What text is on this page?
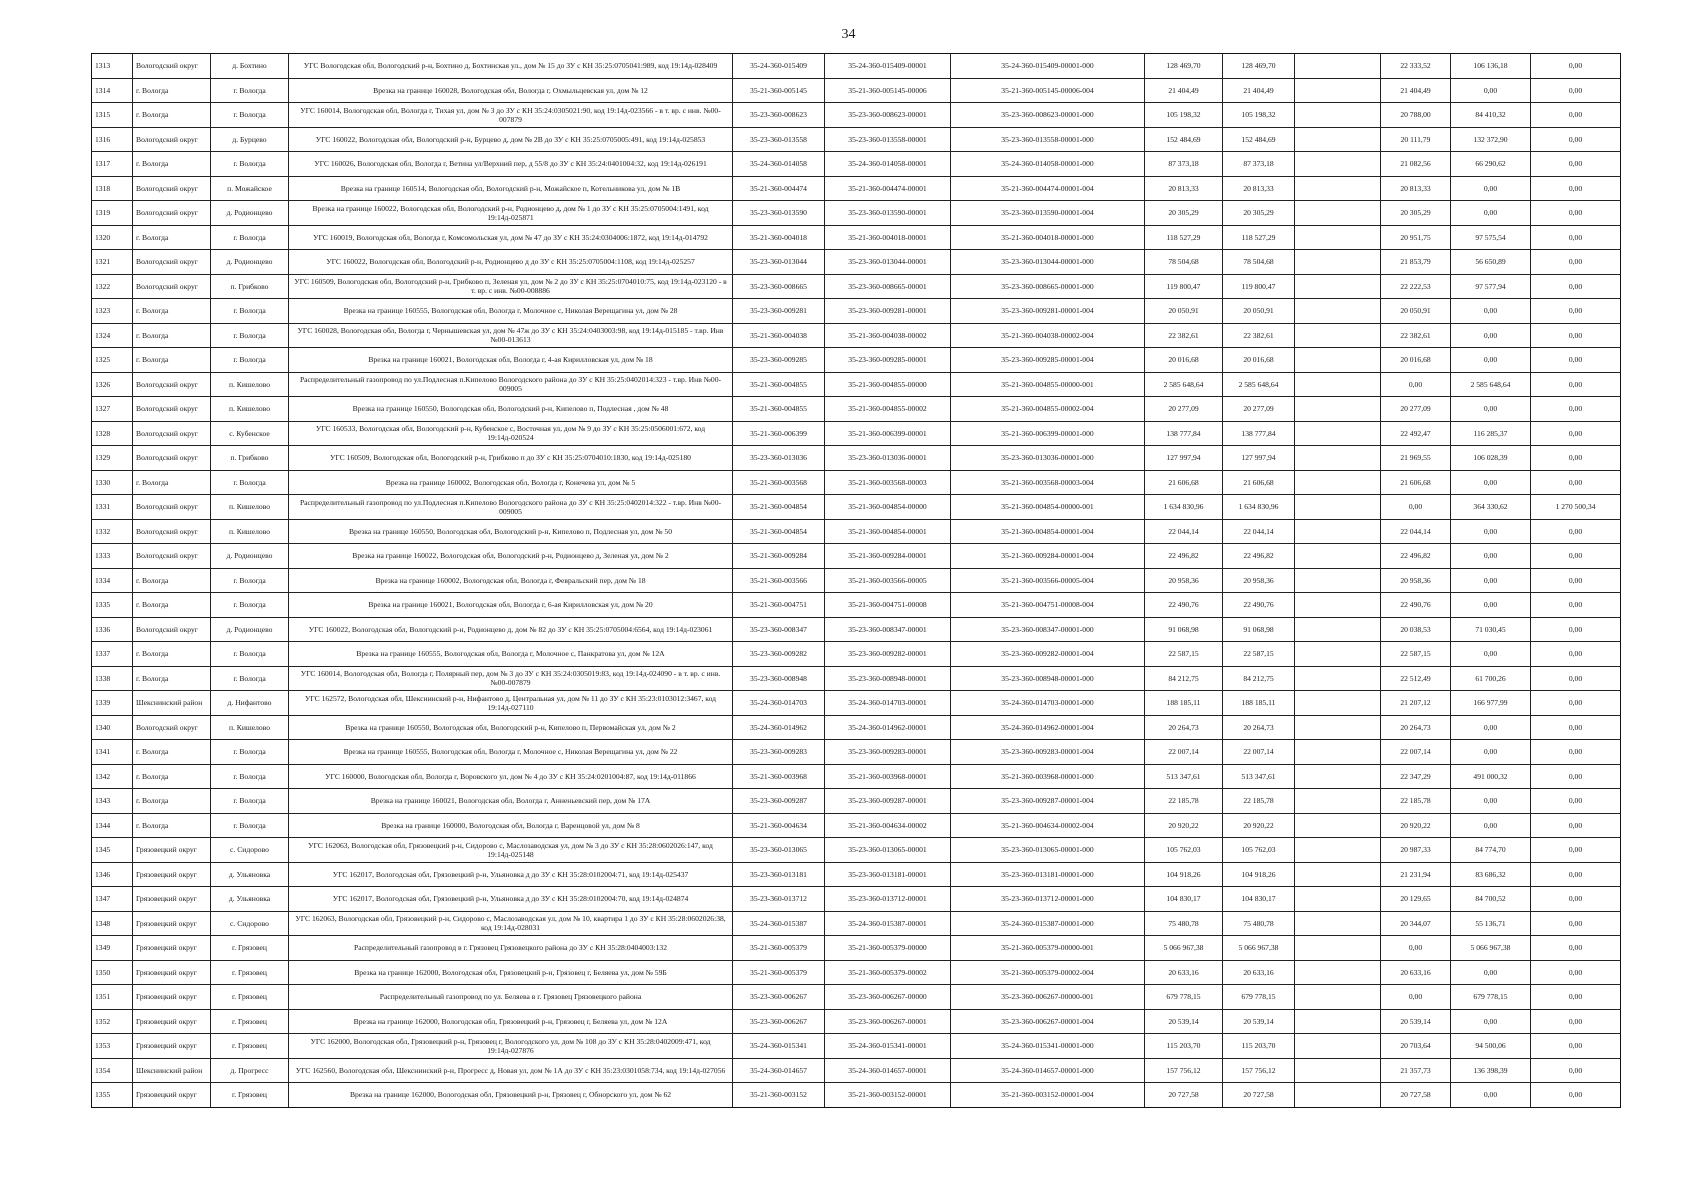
34
1313	Вологодский округ	д. Бохтино	УГС Вологодская обл, Вологодский р-н, Бохтино д, Бохтинская ул., дом № 15 до ЗУ с КН 35:25:0705041:989, код 19:14д-028409	35-24-360-015409	35-24-360-015409-00001	35-24-360-015409-00001-000	128 469,70	128 469,70		22 333,52	106 136,18	0,00
1314	г. Вологда	г. Вологда	Врезка на границе 160028, Вологодская обл, Вологда г, Охмыльцевская ул, дом № 12	35-21-360-005145	35-21-360-005145-00006	35-21-360-005145-00006-004	21 404,49	21 404,49		21 404,49	0,00	0,00
1315	г. Вологда	г. Вологда	УГС 160014, Вологодская обл, Вологда г, Тихая ул, дом № 3 до ЗУ с КН 35:24:0305021:90, код 19:14д-023566 - в т. вр. с инв. №00-007879	35-23-360-008623	35-23-360-008623-00001	35-23-360-008623-00001-000	105 198,32	105 198,32		20 788,00	84 410,32	0,00
1316	Вологодский округ	д. Бурцево	УГС 160022, Вологодская обл, Вологодский р-н, Бурцево д, дом № 2В до ЗУ с КН 35:25:0705005:491, код 19:14д-025853	35-23-360-013558	35-23-360-013558-00001	35-23-360-013558-00001-000	152 484,69	152 484,69		20 111,79	132 372,90	0,00
1317	г. Вологда	г. Вологда	УГС 160026, Вологодская обл, Вологда г, Ветина ул/Верхний пер, д 55/8 до ЗУ с КН 35:24:0401004:32, код 19:14д-026191	35-24-360-014058	35-24-360-014058-00001	35-24-360-014058-00001-000	87 373,18	87 373,18		21 082,56	66 290,62	0,00
1318	Вологодский округ	п. Можайское	Врезка на границе 160514, Вологодская обл, Вологодский р-н, Можайское п, Котельникова ул, дом № 1В	35-21-360-004474	35-21-360-004474-00001	35-21-360-004474-00001-004	20 813,33	20 813,33		20 813,33	0,00	0,00
1319	Вологодский округ	д. Родионцево	Врезка на границе 160022, Вологодская обл, Вологодский р-н, Родионцево д, дом № 1 до ЗУ с КН 35:25:0705004:1491, код 19:14д-025871	35-23-360-013590	35-23-360-013590-00001	35-23-360-013590-00001-004	20 305,29	20 305,29		20 305,29	0,00	0,00
1320	г. Вологда	г. Вологда	УГС 160019, Вологодская обл, Вологда г, Комсомольская ул, дом № 47 до ЗУ с КН 35:24:0304006:1872, код 19:14д-014792	35-21-360-004018	35-21-360-004018-00001	35-21-360-004018-00001-000	118 527,29	118 527,29		20 951,75	97 575,54	0,00
1321	Вологодский округ	д. Родионцево	УГС 160022, Вологодская обл, Вологодский р-н, Родионцево д до ЗУ с КН 35:25:0705004:1108, код 19:14д-025257	35-23-360-013044	35-23-360-013044-00001	35-23-360-013044-00001-000	78 504,68	78 504,68		21 853,79	56 650,89	0,00
1322	Вологодский округ	п. Грибково	УГС 160509, Вологодская обл, Вологодский р-н, Грибково п, Зеленая ул, дом № 2 до ЗУ с КН 35:25:0704010:75, код 19:14д-023120 - в т. вр. с инв. №00-008886	35-23-360-008665	35-23-360-008665-00001	35-23-360-008665-00001-000	119 800,47	119 800,47		22 222,53	97 577,94	0,00
1323	г. Вологда	г. Вологда	Врезка на границе 160555, Вологодская обл, Вологда г, Молочное с, Николая Верещагина ул, дом № 28	35-23-360-009281	35-23-360-009281-00001	35-23-360-009281-00001-004	20 050,91	20 050,91		20 050,91	0,00	0,00
1324	г. Вологда	г. Вологда	УГС 160028, Вологодская обл, Вологда г, Чернышевская ул, дом № 47ж до ЗУ с КН 35:24:0403003:98, код 19:14д-015185 - т.вр. Инв №00-013613	35-21-360-004038	35-21-360-004038-00002	35-21-360-004038-00002-004	22 382,61	22 382,61		22 382,61	0,00	0,00
1325	г. Вологда	г. Вологда	Врезка на границе 160021, Вологодская обл, Вологда г, 4-ая Кирилловская ул, дом № 18	35-23-360-009285	35-23-360-009285-00001	35-23-360-009285-00001-004	20 016,68	20 016,68		20 016,68	0,00	0,00
1326	Вологодский округ	п. Кишелово	Распределительный газопровод по ул.Подлесная п.Кипелово Вологодского района до ЗУ с КН 35:25:0402014:323 - т.вр. Инв №00-009005	35-21-360-004855	35-21-360-004855-00000	35-21-360-004855-00000-001	2 585 648,64	2 585 648,64		0,00	2 585 648,64	0,00
1327	Вологодский округ	п. Кишелово	Врезка на границе 160550, Вологодская обл, Вологодский р-н, Кипелово п, Подлесная , дом № 48	35-21-360-004855	35-21-360-004855-00002	35-21-360-004855-00002-004	20 277,09	20 277,09		20 277,09	0,00	0,00
1328	Вологодский округ	с. Кубенское	УГС 160533, Вологодская обл, Вологодский р-н, Кубенское с, Восточная ул, дом № 9 до ЗУ с КН 35:25:0506001:672, код 19:14д-020524	35-21-360-006399	35-21-360-006399-00001	35-21-360-006399-00001-000	138 777,84	138 777,84		22 492,47	116 285,37	0,00
1329	Вологодский округ	п. Грибково	УГС 160509, Вологодская обл, Вологодский р-н, Грибково п до ЗУ с КН 35:25:0704010:1830, код 19:14д-025180	35-23-360-013036	35-23-360-013036-00001	35-23-360-013036-00001-000	127 997,94	127 997,94		21 969,55	106 028,39	0,00
1330	г. Вологда	г. Вологда	Врезка на границе 160002, Вологодская обл, Вологда г, Конечева ул, дом № 5	35-21-360-003568	35-21-360-003568-00003	35-21-360-003568-00003-004	21 606,68	21 606,68		21 606,68	0,00	0,00
1331	Вологодский округ	п. Кишелово	Распределительный газопровод по ул.Подлесная п.Кипелово Вологодского района до ЗУ с КН 35:25:0402014:322 - т.вр. Инв №00-009005	35-21-360-004854	35-21-360-004854-00000	35-21-360-004854-00000-001	1 634 830,96	1 634 830,96		0,00	364 330,62	1 270 500,34
1332	Вологодский округ	п. Кишелово	Врезка на границе 160550, Вологодская обл, Вологодский р-н, Кипелово п, Подлесная ул, дом № 50	35-21-360-004854	35-21-360-004854-00001	35-21-360-004854-00001-004	22 044,14	22 044,14		22 044,14	0,00	0,00
1333	Вологодский округ	д. Родионцево	Врезка на границе 160022, Вологодская обл, Вологодский р-н, Родионцево д, Зеленая ул, дом № 2	35-21-360-009284	35-21-360-009284-00001	35-21-360-009284-00001-004	22 496,82	22 496,82		22 496,82	0,00	0,00
1334	г. Вологда	г. Вологда	Врезка на границе 160002, Вологодская обл, Вологда г, Февральский пер, дом № 18	35-21-360-003566	35-21-360-003566-00005	35-21-360-003566-00005-004	20 958,36	20 958,36		20 958,36	0,00	0,00
1335	г. Вологда	г. Вологда	Врезка на границе 160021, Вологодская обл, Вологда г, 6-ая Кирилловская ул, дом № 20	35-21-360-004751	35-21-360-004751-00008	35-21-360-004751-00008-004	22 490,76	22 490,76		22 490,76	0,00	0,00
1336	Вологодский округ	д. Родионцево	УГС 160022, Вологодская обл, Вологодский р-н, Родионцево д, дом № 82 до ЗУ с КН 35:25:0705004:6564, код 19:14д-023061	35-23-360-008347	35-23-360-008347-00001	35-23-360-008347-00001-000	91 068,98	91 068,98		20 038,53	71 030,45	0,00
1337	г. Вологда	г. Вологда	Врезка на границе 160555, Вологодская обл, Вологда г, Молочное с, Панкратова ул, дом № 12А	35-23-360-009282	35-23-360-009282-00001	35-23-360-009282-00001-004	22 587,15	22 587,15		22 587,15	0,00	0,00
1338	г. Вологда	г. Вологда	УГС 160014, Вологодская обл, Вологда г, Полярный пер, дом № 3 до ЗУ с КН 35:24:0305019:83, код 19:14д-024090 - в т. вр. с инв. №00-007879	35-23-360-008948	35-23-360-008948-00001	35-23-360-008948-00001-000	84 212,75	84 212,75		22 512,49	61 700,26	0,00
1339	Шекснинский район	д. Нифантово	УГС 162572, Вологодская обл, Шекснинский р-н, Нифантово д, Центральная ул, дом № 11 до ЗУ с КН 35:23:0103012:3467, код 19:14д-027110	35-24-360-014703	35-24-360-014703-00001	35-24-360-014703-00001-000	188 185,11	188 185,11		21 207,12	166 977,99	0,00
1340	Вологодский округ	п. Кишелово	Врезка на границе 160550, Вологодская обл, Вологодский р-н, Кипелово п, Первомайская ул, дом № 2	35-24-360-014962	35-24-360-014962-00001	35-24-360-014962-00001-004	20 264,73	20 264,73		20 264,73	0,00	0,00
1341	г. Вологда	г. Вологда	Врезка на границе 160555, Вологодская обл, Вологда г, Молочное с, Николая Верещагина ул, дом № 22	35-23-360-009283	35-23-360-009283-00001	35-23-360-009283-00001-004	22 007,14	22 007,14		22 007,14	0,00	0,00
1342	г. Вологда	г. Вологда	УГС 160000, Вологодская обл, Вологда г, Воровского ул, дом № 4 до ЗУ с КН 35:24:0201004:87, код 19:14д-011866	35-21-360-003968	35-21-360-003968-00001	35-21-360-003968-00001-000	513 347,61	513 347,61		22 347,29	491 000,32	0,00
1343	г. Вологда	г. Вологда	Врезка на границе 160021, Вологодская обл, Вологда г, Анненьевский пер, дом № 17А	35-23-360-009287	35-23-360-009287-00001	35-23-360-009287-00001-004	22 185,78	22 185,78		22 185,78	0,00	0,00
1344	г. Вологда	г. Вологда	Врезка на границе 160000, Вологодская обл, Вологда г, Варенцовой ул, дом № 8	35-21-360-004634	35-21-360-004634-00002	35-21-360-004634-00002-004	20 920,22	20 920,22		20 920,22	0,00	0,00
1345	Грязовецкий округ	с. Сидорово	УГС 162063, Вологодская обл, Грязовецкий р-н, Сидорово с, Маслозаводская ул, дом № 3 до ЗУ с КН 35:28:0602026:147, код 19:14д-025148	35-23-360-013065	35-23-360-013065-00001	35-23-360-013065-00001-000	105 762,03	105 762,03		20 987,33	84 774,70	0,00
1346	Грязовецкий округ	д. Ульяновка	УГС 162017, Вологодская обл, Грязовецкий р-н, Ульяновка д до ЗУ с КН 35:28:0102004:71, код 19:14д-025437	35-23-360-013181	35-23-360-013181-00001	35-23-360-013181-00001-000	104 918,26	104 918,26		21 231,94	83 686,32	0,00
1347	Грязовецкий округ	д. Ульяновка	УГС 162017, Вологодская обл, Грязовецкий р-н, Ульяновка д до ЗУ с КН 35:28:0102004:70, код 19:14д-024874	35-23-360-013712	35-23-360-013712-00001	35-23-360-013712-00001-000	104 830,17	104 830,17		20 129,65	84 700,52	0,00
1348	Грязовецкий округ	с. Сидорово	УГС 162063, Вологодская обл, Грязовецкий р-н, Сидорово с, Маслозаводская ул, дом № 10, квартира 1 до ЗУ с КН 35:28:0602026:38, код 19:14д-028031	35-24-360-015387	35-24-360-015387-00001	35-24-360-015387-00001-000	75 480,78	75 480,78		20 344,07	55 136,71	0,00
1349	Грязовецкий округ	г. Грязовец	Распределительный газопровод в г. Грязовец Грязовецкого района до ЗУ с КН 35:28:0404003:132	35-21-360-005379	35-21-360-005379-00000	35-21-360-005379-00000-001	5 066 967,38	5 066 967,38		0,00	5 066 967,38	0,00
1350	Грязовецкий округ	г. Грязовец	Врезка на границе 162000, Вологодская обл, Грязовецкий р-н, Грязовец г, Беляева ул, дом № 59Б	35-21-360-005379	35-21-360-005379-00002	35-21-360-005379-00002-004	20 633,16	20 633,16		20 633,16	0,00	0,00
1351	Грязовецкий округ	г. Грязовец	Распределительный газопровод по ул. Беляева в г. Грязовец Грязовецкого района	35-23-360-006267	35-23-360-006267-00000	35-23-360-006267-00000-001	679 778,15	679 778,15		0,00	679 778,15	0,00
1352	Грязовецкий округ	г. Грязовец	Врезка на границе 162000, Вологодская обл, Грязовецкий р-н, Грязовец г, Беляева ул, дом № 12А	35-23-360-006267	35-23-360-006267-00001	35-23-360-006267-00001-004	20 539,14	20 539,14		20 539,14	0,00	0,00
1353	Грязовецкий округ	г. Грязовец	УГС 162000, Вологодская обл, Грязовецкий р-н, Грязовец г, Вологодского ул, дом № 108 до ЗУ с КН 35:28:0402009:471, код 19:14д-027876	35-24-360-015341	35-24-360-015341-00001	35-24-360-015341-00001-000	115 203,70	115 203,70		20 703,64	94 500,06	0,00
1354	Шекснинский район	д. Прогресс	УГС 162560, Вологодская обл, Шекснинский р-н, Прогресс д, Новая ул, дом № 1А до ЗУ с КН 35:23:0301058:734, код 19:14д-027056	35-24-360-014657	35-24-360-014657-00001	35-24-360-014657-00001-000	157 756,12	157 756,12		21 357,73	136 398,39	0,00
1355	Грязовецкий округ	г. Грязовец	Врезка на границе 162000, Вологодская обл, Грязовецкий р-н, Грязовец г, Обнорского ул, дом № 62	35-21-360-003152	35-21-360-003152-00001	35-21-360-003152-00001-004	20 727,58	20 727,58		20 727,58	0,00	0,00
